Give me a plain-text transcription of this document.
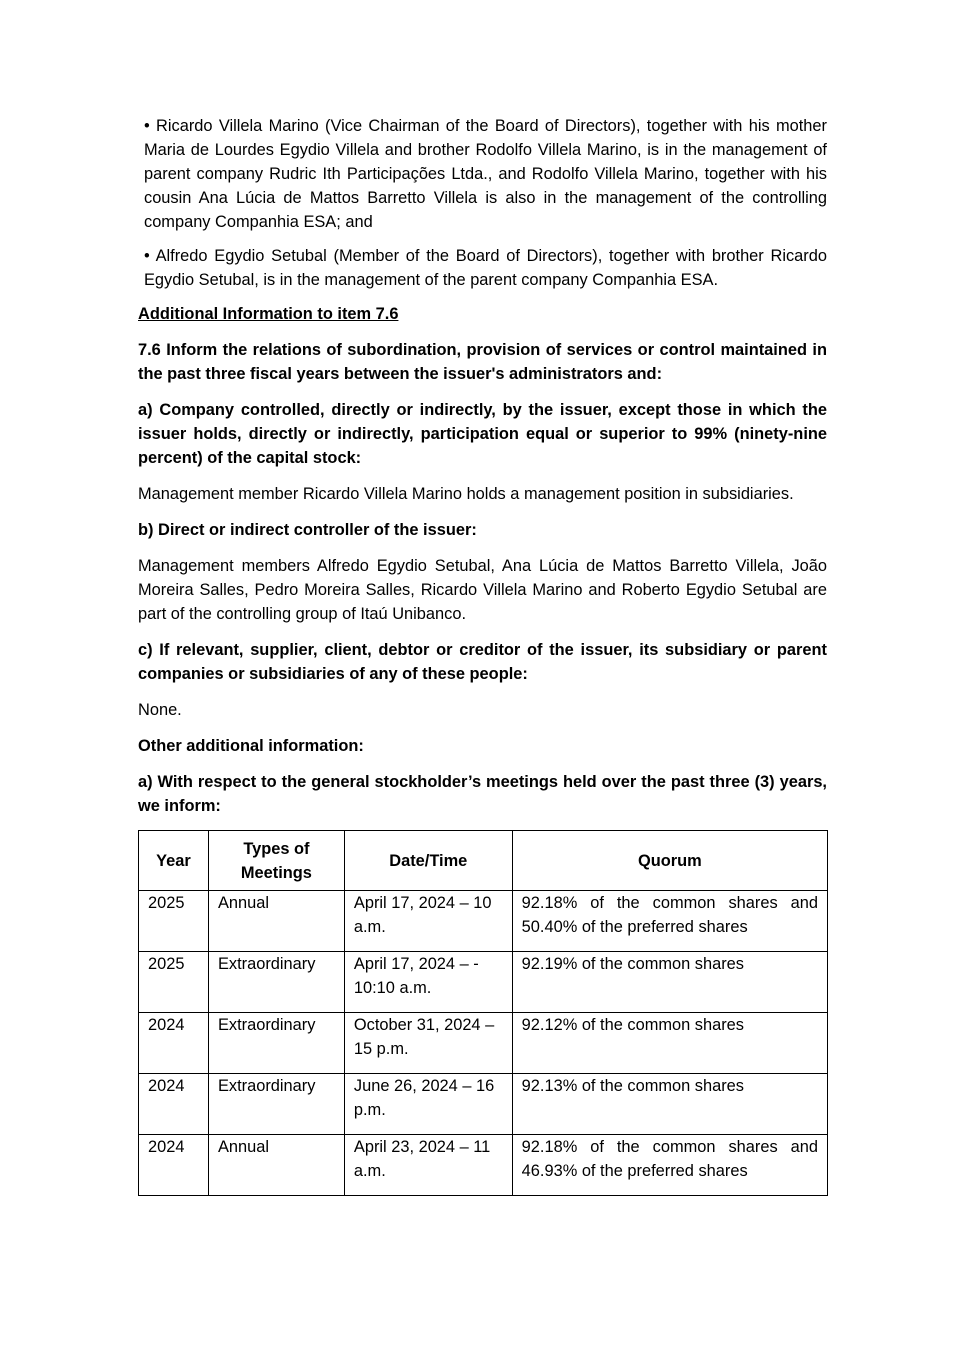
• Ricardo Villela Marino (Vice Chairman of the Board of Directors), together with his mother Maria de Lourdes Egydio Villela and brother Rodolfo Villela Marino, is in the management of parent company Rudric Ith Participações Ltda., and Rodolfo Villela Marino, together with his cousin Ana Lúcia de Mattos Barretto Villela is also in the management of the controlling company Companhia ESA; and

• Alfredo Egydio Setubal (Member of the Board of Directors), together with brother Ricardo Egydio Setubal, is in the management of the parent company Companhia ESA.

Additional Information to item 7.6

7.6 Inform the relations of subordination, provision of services or control maintained in the past three fiscal years between the issuer's administrators and:

a) Company controlled, directly or indirectly, by the issuer, except those in which the issuer holds, directly or indirectly, participation equal or superior to 99% (ninety-nine percent) of the capital stock:

Management member Ricardo Villela Marino holds a management position in subsidiaries.

b) Direct or indirect controller of the issuer:

Management members Alfredo Egydio Setubal, Ana Lúcia de Mattos Barretto Villela, João Moreira Salles, Pedro Moreira Salles, Ricardo Villela Marino and Roberto Egydio Setubal are part of the controlling group of Itaú Unibanco.

c) If relevant, supplier, client, debtor or creditor of the issuer, its subsidiary or parent companies or subsidiaries of any of these people:

None.

Other additional information:

a) With respect to the general stockholder’s meetings held over the past three (3) years, we inform:

Year	Types of Meetings	Date/Time	Quorum
2025	Annual	April 17, 2024 – 10 a.m.	92.18% of the common shares and 50.40% of the preferred shares
2025	Extraordinary	April 17, 2024 – - 10:10 a.m.	92.19% of the common shares
2024	Extraordinary	October 31, 2024 – 15 p.m.	92.12% of the common shares
2024	Extraordinary	June 26, 2024 – 16 p.m.	92.13% of the common shares
2024	Annual	April 23, 2024 – 11 a.m.	92.18% of the common shares and 46.93% of the preferred shares
